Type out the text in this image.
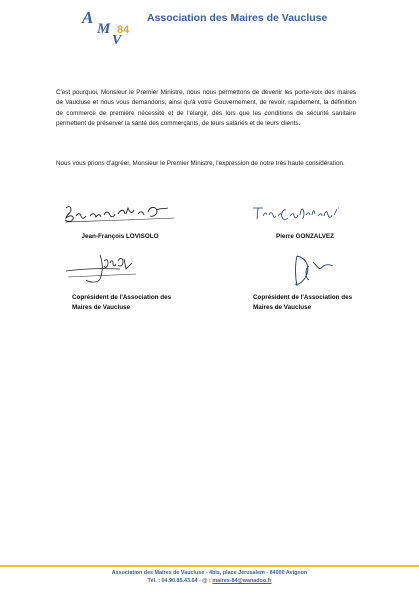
A
M
V
84
Association des Maires de Vaucluse
C'est pourquoi, Monsieur le Premier Ministre, nous nous permettons de devenir les porte-voix des maires de Vaucluse et nous vous demandons, ainsi qu'à votre Gouvernement, de revoir, rapidement, la définition de commerce de première nécessité et de l'élargir, dès lors que les conditions de sécurité sanitaire permettent de préserver la santé des commerçants, de leurs salariés et de leurs clients.
Nous vous prions d'agréer, Monsieur le Premier Ministre, l'expression de notre très haute considération.
Jean-François LOVISOLO	Pierre GONZALVEZ
Coprésident de l'Association des
Maires de Vaucluse
Coprésident de l'Association des
Maires de Vaucluse
Association des Maires de Vaucluse - 4bis, place Jérusalem - 84000 Avignon
Tél. : 04.90.85.43.64 - @ : maires-84@wanadoo.fr
